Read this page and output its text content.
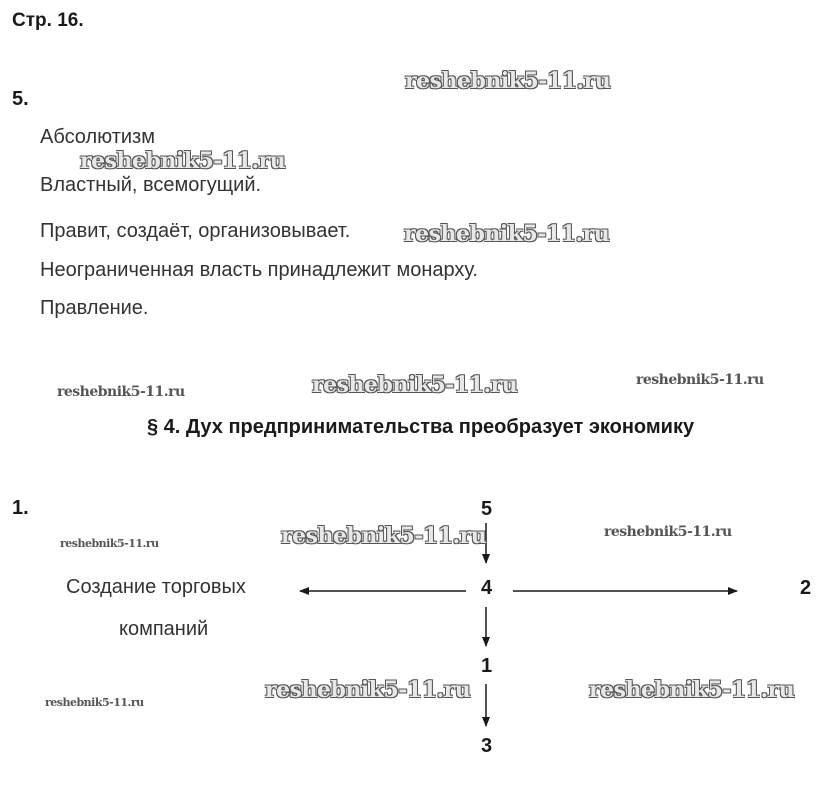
Стр. 16.
5.
Абсолютизм
Властный, всемогущий.
Правит, создаёт, организовывает.
Неограниченная власть принадлежит монарху.
Правление.
§ 4. Дух предпринимательства преобразует экономику
1.	5
4	2
Создание торговых
компаний
1
3
reshebnik5-11.ru
reshebnik5-11.ru
reshebnik5-11.ru
reshebnik5-11.ru
reshebnik5-11.ru
reshebnik5-11.ru
reshebnik5-11.ru	reshebnik5-11.ru	reshebnik5-11.ru
reshebnik5-11.ru	reshebnik5-11.ru
reshebnik5-11.ru
